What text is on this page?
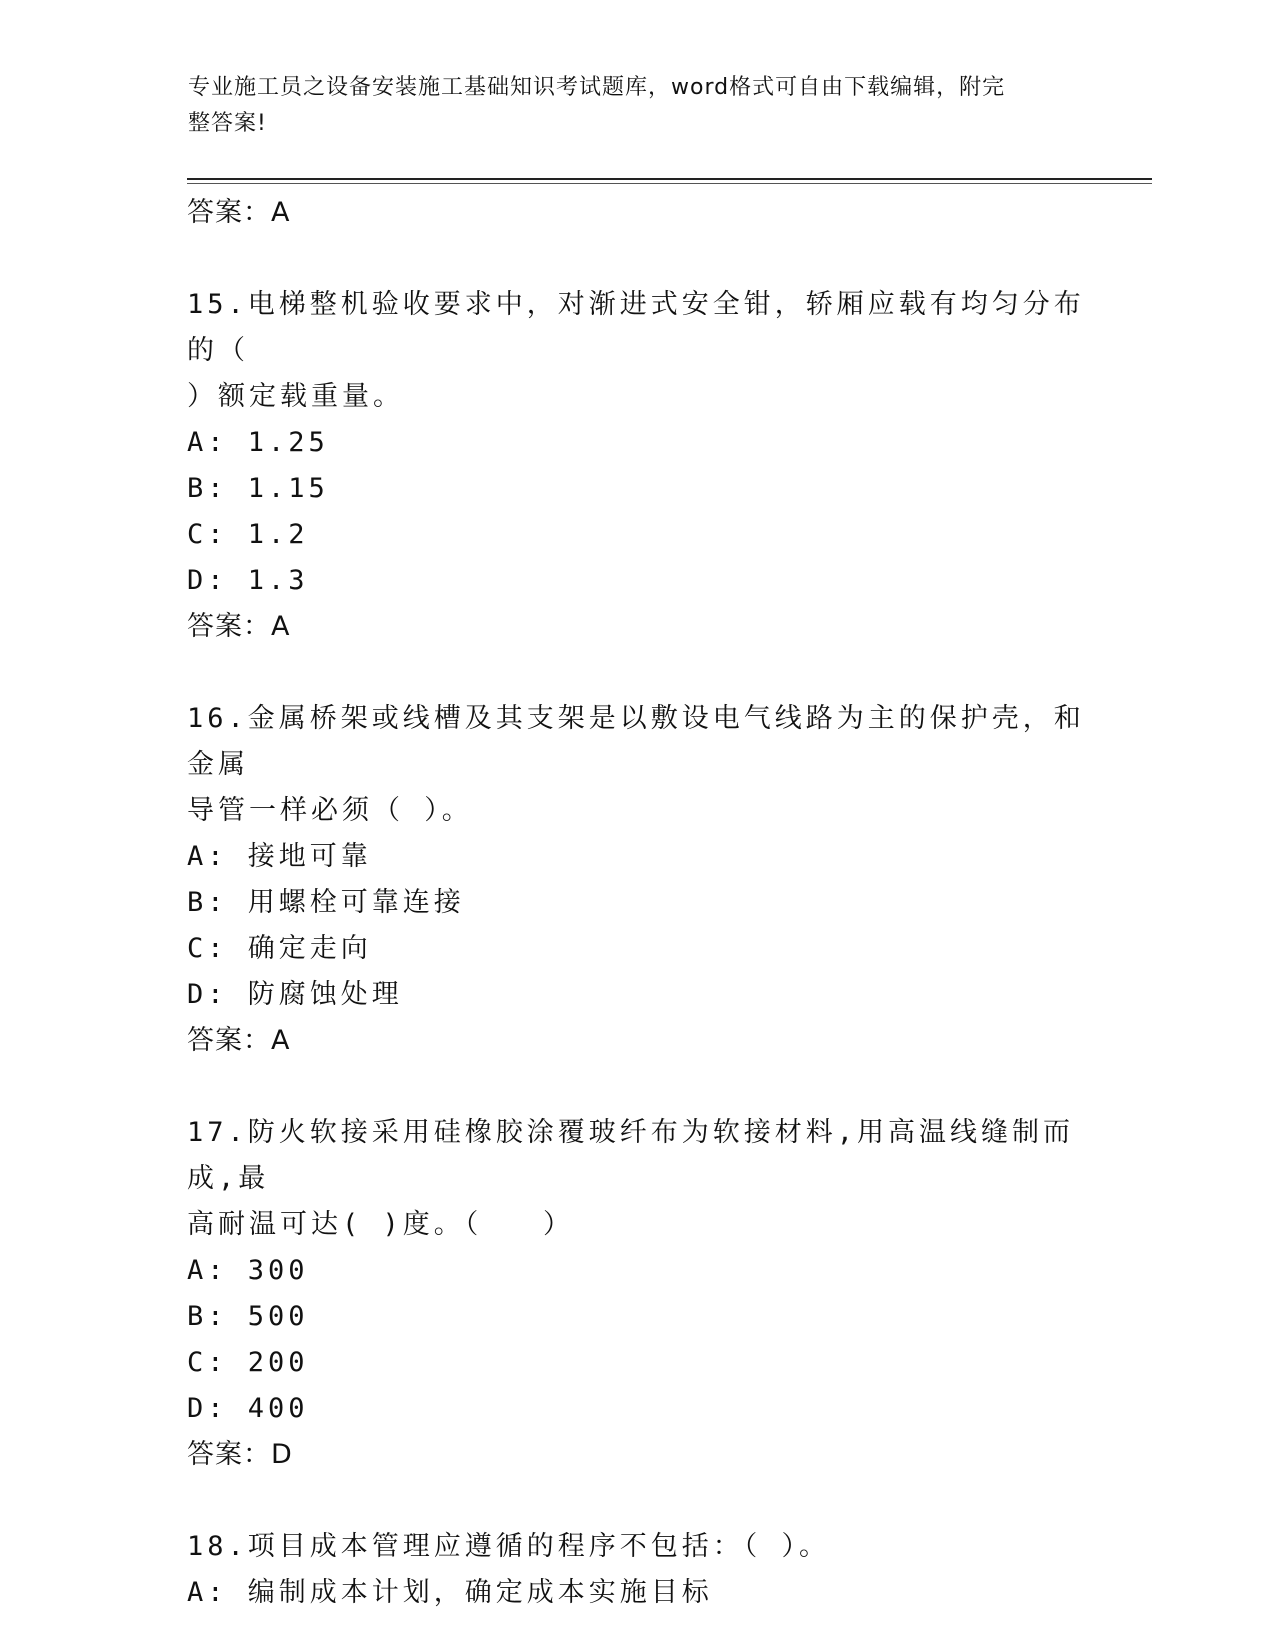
专业施工员之设备安装施工基础知识考试题库，word格式可自由下载编辑，附完
整答案!
答案：A
15.电梯整机验收要求中，对渐进式安全钳，轿厢应载有均匀分布的（
）额定载重量。
A: 1.25
B: 1.15
C: 1.2
D: 1.3
答案：A
16.金属桥架或线槽及其支架是以敷设电气线路为主的保护壳，和金属
导管一样必须（ ）。
A: 接地可靠
B: 用螺栓可靠连接
C: 确定走向
D: 防腐蚀处理
答案：A
17.防火软接采用硅橡胶涂覆玻纤布为软接材料,用高温线缝制而成,最
高耐温可达( )度。（   ）
A: 300
B: 500
C: 200
D: 400
答案：D
18.项目成本管理应遵循的程序不包括：（ ）。
A: 编制成本计划，确定成本实施目标
